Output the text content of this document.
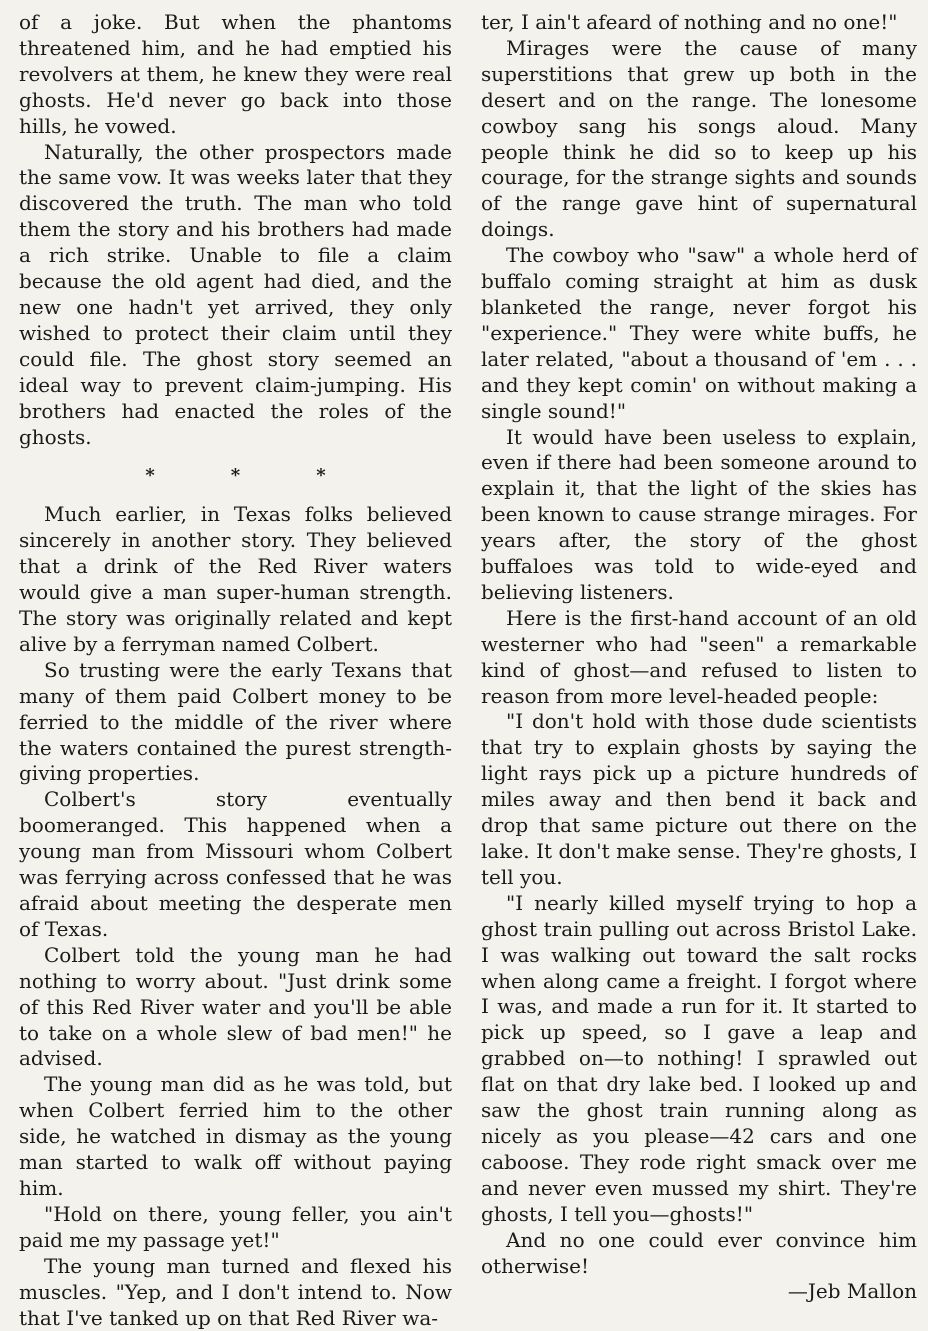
of a joke. But when the phantoms threatened him, and he had emptied his revolvers at them, he knew they were real ghosts. He'd never go back into those hills, he vowed.

Naturally, the other prospectors made the same vow. It was weeks later that they discovered the truth. The man who told them the story and his brothers had made a rich strike. Unable to file a claim because the old agent had died, and the new one hadn't yet arrived, they only wished to protect their claim until they could file. The ghost story seemed an ideal way to prevent claim-jumping. His brothers had enacted the roles of the ghosts.

*	*	*

Much earlier, in Texas folks believed sincerely in another story. They believed that a drink of the Red River waters would give a man super-human strength. The story was originally related and kept alive by a ferryman named Colbert.

So trusting were the early Texans that many of them paid Colbert money to be ferried to the middle of the river where the waters contained the purest strength-giving properties.

Colbert's story eventually boomeranged. This happened when a young man from Missouri whom Colbert was ferrying across confessed that he was afraid about meeting the desperate men of Texas.

Colbert told the young man he had nothing to worry about. "Just drink some of this Red River water and you'll be able to take on a whole slew of bad men!" he advised.

The young man did as he was told, but when Colbert ferried him to the other side, he watched in dismay as the young man started to walk off without paying him.

"Hold on there, young feller, you ain't paid me my passage yet!"

The young man turned and flexed his muscles. "Yep, and I don't intend to. Now that I've tanked up on that Red River wa-

ter, I ain't afeard of nothing and no one!"

Mirages were the cause of many superstitions that grew up both in the desert and on the range. The lonesome cowboy sang his songs aloud. Many people think he did so to keep up his courage, for the strange sights and sounds of the range gave hint of supernatural doings.

The cowboy who "saw" a whole herd of buffalo coming straight at him as dusk blanketed the range, never forgot his "experience." They were white buffs, he later related, "about a thousand of 'em . . . and they kept comin' on without making a single sound!"

It would have been useless to explain, even if there had been someone around to explain it, that the light of the skies has been known to cause strange mirages. For years after, the story of the ghost buffaloes was told to wide-eyed and believing listeners.

Here is the first-hand account of an old westerner who had "seen" a remarkable kind of ghost—and refused to listen to reason from more level-headed people:

"I don't hold with those dude scientists that try to explain ghosts by saying the light rays pick up a picture hundreds of miles away and then bend it back and drop that same picture out there on the lake. It don't make sense. They're ghosts, I tell you.

"I nearly killed myself trying to hop a ghost train pulling out across Bristol Lake. I was walking out toward the salt rocks when along came a freight. I forgot where I was, and made a run for it. It started to pick up speed, so I gave a leap and grabbed on—to nothing! I sprawled out flat on that dry lake bed. I looked up and saw the ghost train running along as nicely as you please—42 cars and one caboose. They rode right smack over me and never even mussed my shirt. They're ghosts, I tell you—ghosts!"

And no one could ever convince him otherwise!

—Jeb Mallon
